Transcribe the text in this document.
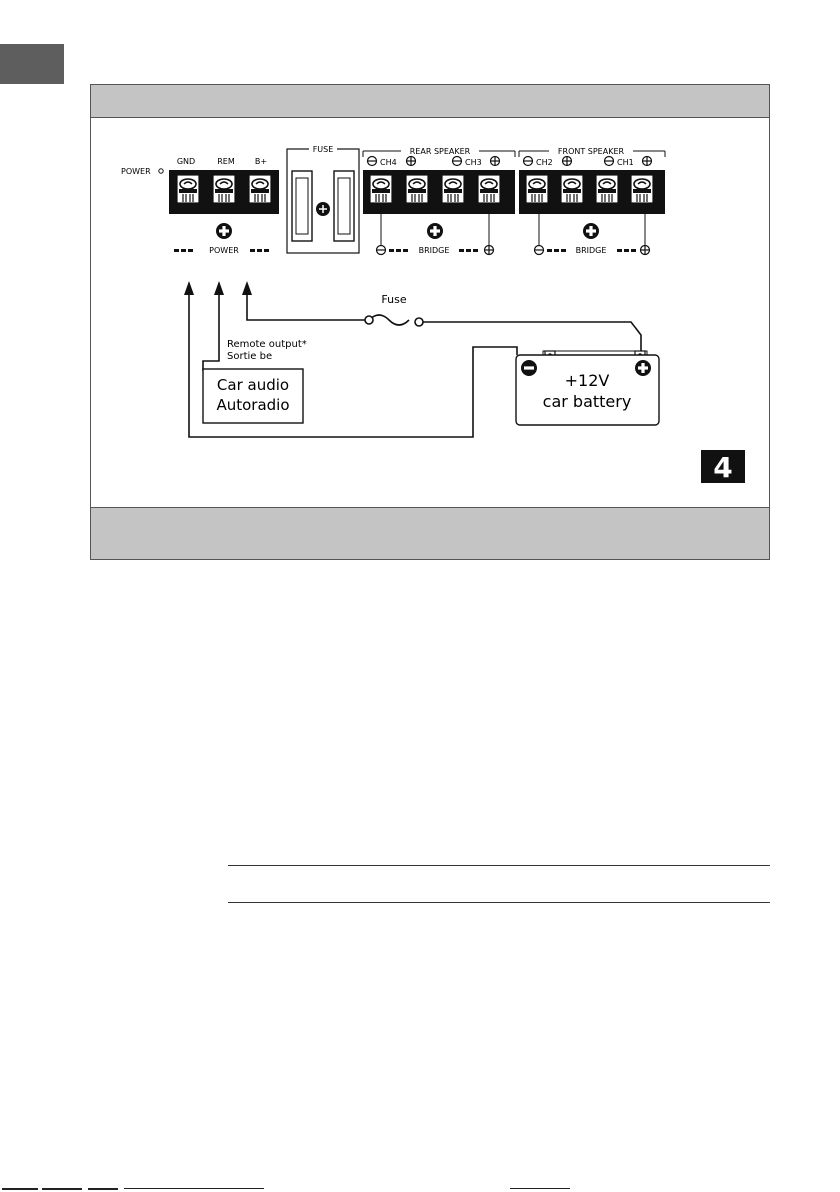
POWER
GND	REM	B+
POWER
FUSE	REAR SPEAKER
CH4	CH3
BRIDGE
FRONT SPEAKER
CH2	CH1
BRIDGE
Fuse
Remote output*
Sortie be
Car audio
Autoradio
+12V
car battery
4
